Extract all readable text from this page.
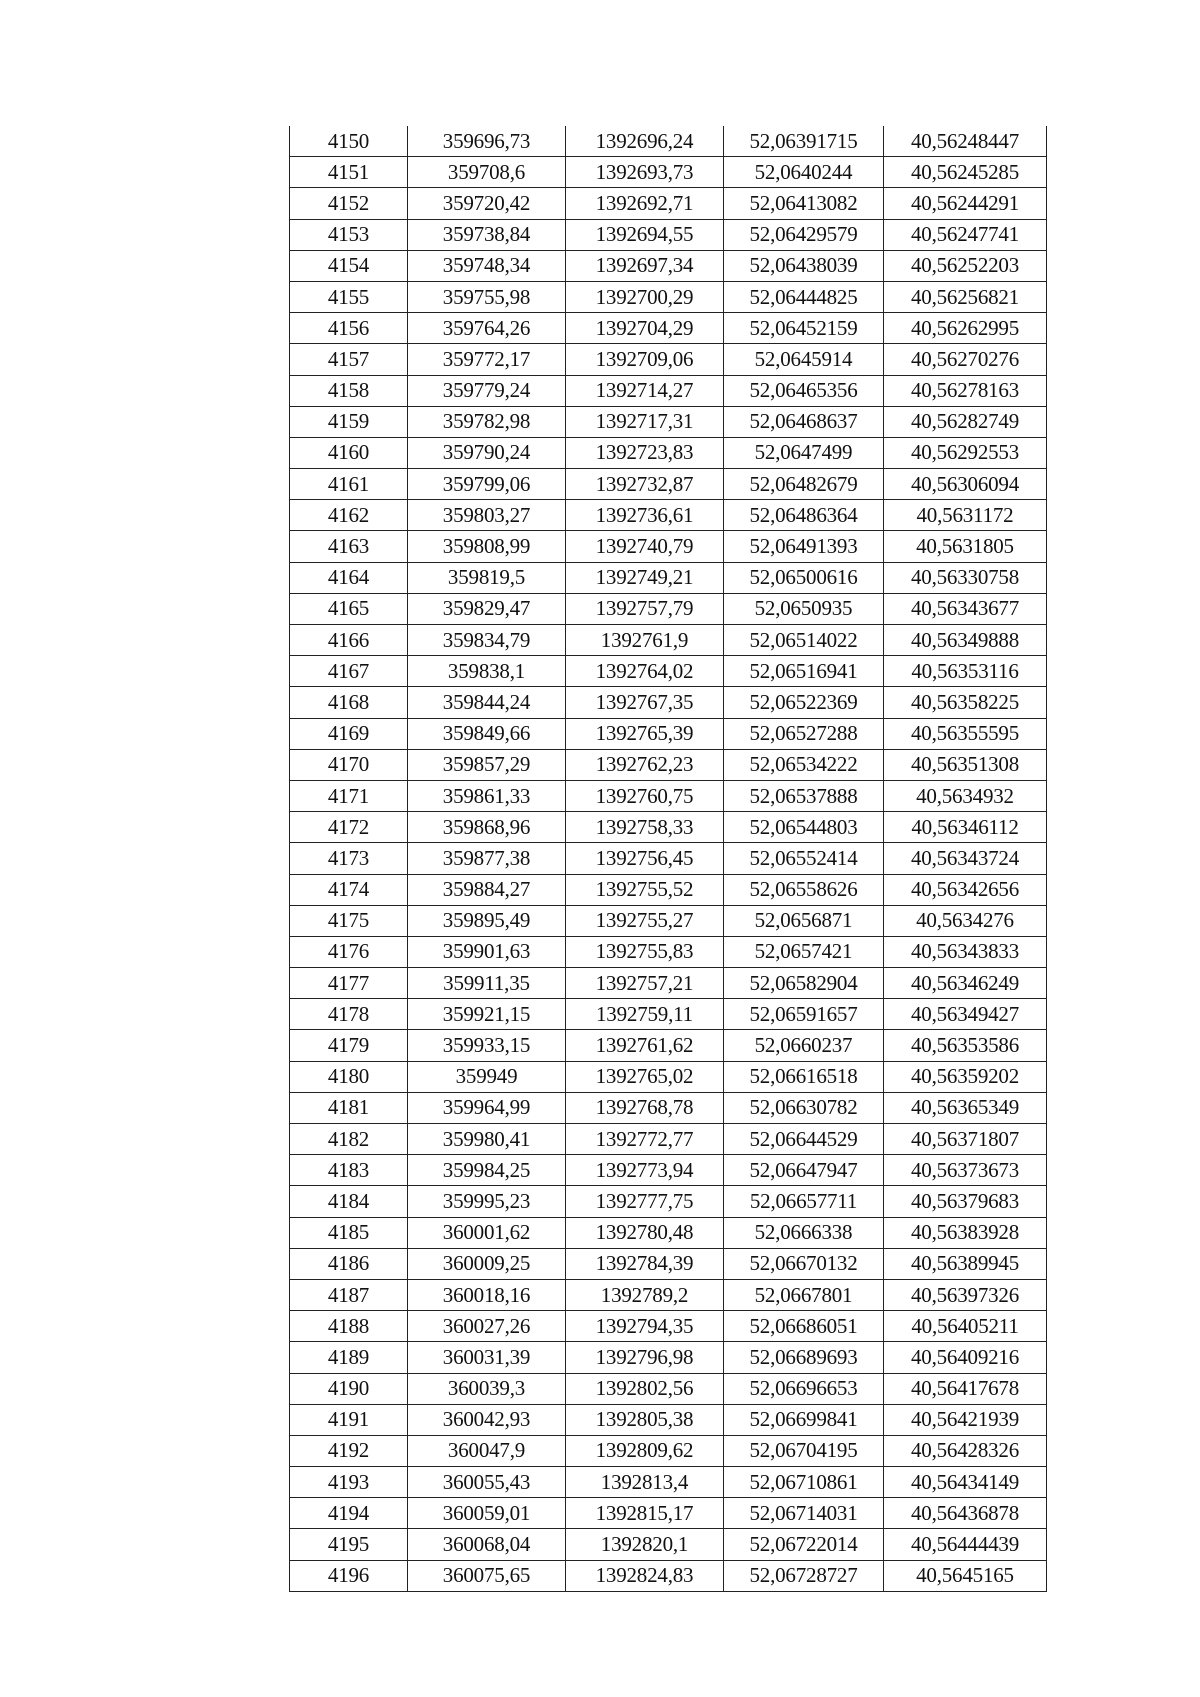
4150	359696,73	1392696,24	52,06391715	40,56248447
4151	359708,6	1392693,73	52,0640244	40,56245285
4152	359720,42	1392692,71	52,06413082	40,56244291
4153	359738,84	1392694,55	52,06429579	40,56247741
4154	359748,34	1392697,34	52,06438039	40,56252203
4155	359755,98	1392700,29	52,06444825	40,56256821
4156	359764,26	1392704,29	52,06452159	40,56262995
4157	359772,17	1392709,06	52,0645914	40,56270276
4158	359779,24	1392714,27	52,06465356	40,56278163
4159	359782,98	1392717,31	52,06468637	40,56282749
4160	359790,24	1392723,83	52,0647499	40,56292553
4161	359799,06	1392732,87	52,06482679	40,56306094
4162	359803,27	1392736,61	52,06486364	40,5631172
4163	359808,99	1392740,79	52,06491393	40,5631805
4164	359819,5	1392749,21	52,06500616	40,56330758
4165	359829,47	1392757,79	52,0650935	40,56343677
4166	359834,79	1392761,9	52,06514022	40,56349888
4167	359838,1	1392764,02	52,06516941	40,56353116
4168	359844,24	1392767,35	52,06522369	40,56358225
4169	359849,66	1392765,39	52,06527288	40,56355595
4170	359857,29	1392762,23	52,06534222	40,56351308
4171	359861,33	1392760,75	52,06537888	40,5634932
4172	359868,96	1392758,33	52,06544803	40,56346112
4173	359877,38	1392756,45	52,06552414	40,56343724
4174	359884,27	1392755,52	52,06558626	40,56342656
4175	359895,49	1392755,27	52,0656871	40,5634276
4176	359901,63	1392755,83	52,0657421	40,56343833
4177	359911,35	1392757,21	52,06582904	40,56346249
4178	359921,15	1392759,11	52,06591657	40,56349427
4179	359933,15	1392761,62	52,0660237	40,56353586
4180	359949	1392765,02	52,06616518	40,56359202
4181	359964,99	1392768,78	52,06630782	40,56365349
4182	359980,41	1392772,77	52,06644529	40,56371807
4183	359984,25	1392773,94	52,06647947	40,56373673
4184	359995,23	1392777,75	52,06657711	40,56379683
4185	360001,62	1392780,48	52,0666338	40,56383928
4186	360009,25	1392784,39	52,06670132	40,56389945
4187	360018,16	1392789,2	52,0667801	40,56397326
4188	360027,26	1392794,35	52,06686051	40,56405211
4189	360031,39	1392796,98	52,06689693	40,56409216
4190	360039,3	1392802,56	52,06696653	40,56417678
4191	360042,93	1392805,38	52,06699841	40,56421939
4192	360047,9	1392809,62	52,06704195	40,56428326
4193	360055,43	1392813,4	52,06710861	40,56434149
4194	360059,01	1392815,17	52,06714031	40,56436878
4195	360068,04	1392820,1	52,06722014	40,56444439
4196	360075,65	1392824,83	52,06728727	40,5645165
